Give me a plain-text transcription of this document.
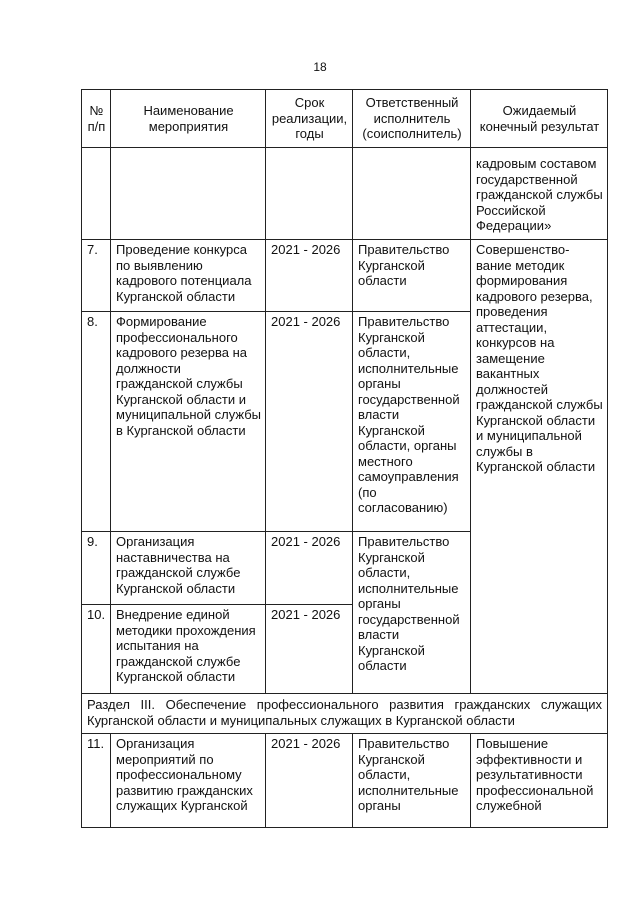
18
№ п/п	Наименование мероприятия	Срок реализации, годы	Ответственный исполнитель (соисполнитель)	Ожидаемый конечный результат
				кадровым составом государственной гражданской службы Российской Федерации»
7.	Проведение конкурса по выявлению кадрового потенциала Курганской области	2021 - 2026	Правительство Курганской области	Совершенство-вание методик формирования кадрового резерва, проведения аттестации, конкурсов на замещение вакантных должностей гражданской службы Курганской области и муниципальной службы в Курганской области
8.	Формирование профессионального кадрового резерва на должности гражданской службы Курганской области и муниципальной службы в Курганской области	2021 - 2026	Правительство Курганской области, исполнительные органы государственной власти Курганской области, органы местного самоуправления (по согласованию)	
9.	Организация наставничества на гражданской службе Курганской области	2021 - 2026	Правительство Курганской области, исполнительные органы государственной власти Курганской области	
10.	Внедрение единой методики прохождения испытания на гражданской службе Курганской области	2021 - 2026		
Раздел III. Обеспечение профессионального развития гражданских служащих Курганской области и муниципальных служащих в Курганской области				
11.	Организация мероприятий по профессиональному развитию гражданских служащих Курганской	2021 - 2026	Правительство Курганской области, исполнительные органы	Повышение эффективности и результативности профессиональной служебной
